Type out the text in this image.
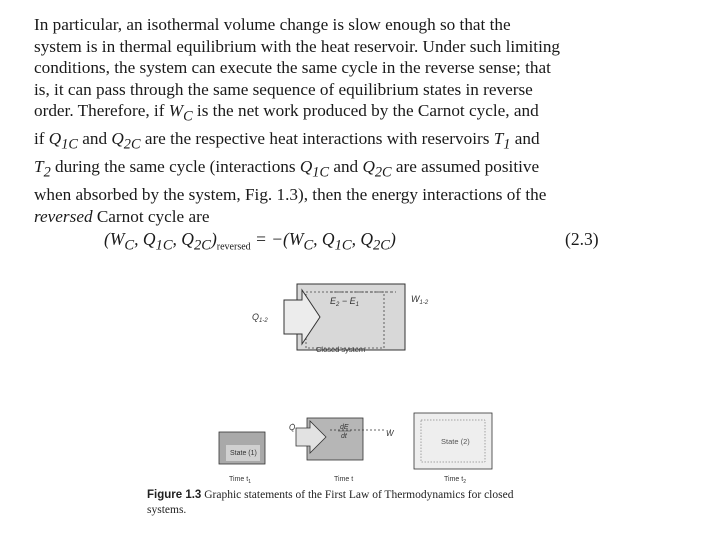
In particular, an isothermal volume change is slow enough so that the

system is in thermal equilibrium with the heat reservoir. Under such limiting

conditions, the system can execute the same cycle in the reverse sense; that

is, it can pass through the same sequence of equilibrium states in reverse

order. Therefore, if $W_C$ is the net work produced by the Carnot cycle, and

if $Q_{1C}$ and $Q_{2C}$ are the respective heat interactions with reservoirs $T_1$ and

$T_2$ during the same cycle (interactions $Q_{1C}$ and $Q_{2C}$ are assumed positive

when absorbed by the system, Fig. 1.3), then the energy interactions of the

reversed Carnot cycle are

($W_C$, $Q_{1C}$, $Q_{2C})_{reversed} = -(W_C$, $Q_{1C}$, $Q_{2C}$)	(2.3)
$E_2 - E_1$
$W_{1-2}$
$Q_{1-2}$
Closed system
State (1)
Q̇
Ẇ
dE
dt
State (2)
Time $t_1$	Time t	Time $t_2$
Figure 1.3 Graphic statements of the First Law of Thermodynamics for closed
systems.
